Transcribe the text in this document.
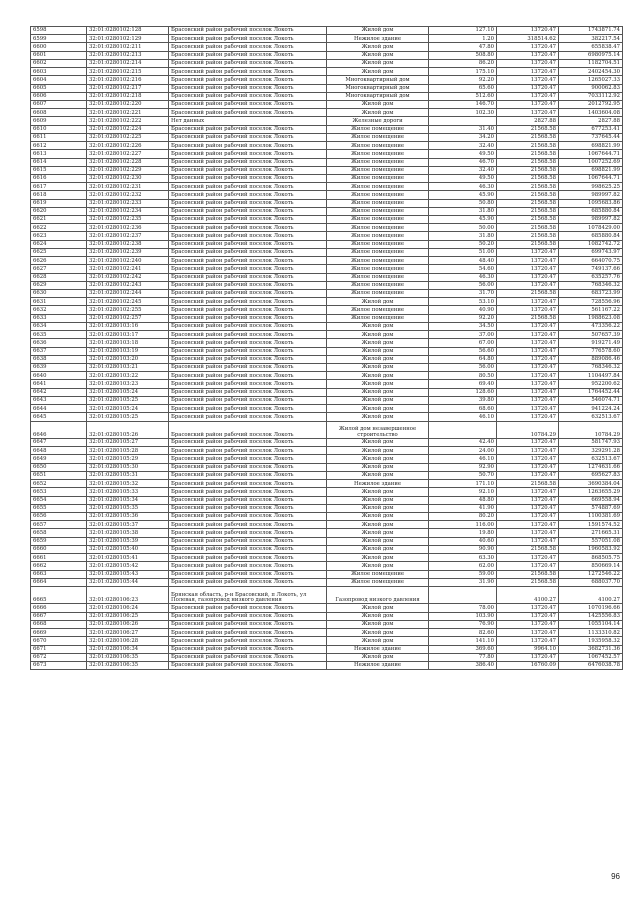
6598	32:01:0280102:128	Брасовский район рабочий поселок Локоть	Жилой дом	127.10	13720.47	1743871.74
6599	32:01:0280102:129	Брасовский район рабочий поселок Локоть	Нежилое здание	1.20	318514.62	382217.54
6600	32:01:0280102:211	Брасовский район рабочий поселок Локоть	Жилой дом	47.80	13720.47	655838.47
6601	32:01:0280102:213	Брасовский район рабочий поселок Локоть	Жилой дом	508.80	13720.47	6980975.14
6602	32:01:0280102:214	Брасовский район рабочий поселок Локоть	Жилой дом	86.20	13720.47	1182704.51
6603	32:01:0280102:215	Брасовский район рабочий поселок Локоть	Жилой дом	175.10	13720.47	2402454.30
6604	32:01:0280102:216	Брасовский район рабочий поселок Локоть	Многоквартирный дом	92.20	13720.47	1265027.33
6605	32:01:0280102:217	Брасовский район рабочий поселок Локоть	Многоквартирный дом	65.60	13720.47	900062.83
6606	32:01:0280102:218	Брасовский район рабочий поселок Локоть	Многоквартирный дом	512.60	13720.47	7033112.92
6607	32:01:0280102:220	Брасовский район рабочий поселок Локоть	Жилой дом	146.70	13720.47	2012792.95
6608	32:01:0280102:221	Брасовский район рабочий поселок Локоть	Жилой дом	102.30	13720.47	1403604.08
6609	32:01:0280102:222	Нет данных	Железные дороги		2827.88	2827.88
6610	32:01:0280102:224	Брасовский район рабочий поселок Локоть	Жилое помещение	31.40	21568.58	677253.41
6611	32:01:0280102:225	Брасовский район рабочий поселок Локоть	Жилое помещение	34.20	21568.58	737645.44
6612	32:01:0280102:226	Брасовский район рабочий поселок Локоть	Жилое помещение	32.40	21568.58	698821.99
6613	32:01:0280102:227	Брасовский район рабочий поселок Локоть	Жилое помещение	49.50	21568.58	1067644.71
6614	32:01:0280102:228	Брасовский район рабочий поселок Локоть	Жилое помещение	46.70	21568.58	1007252.69
6615	32:01:0280102:229	Брасовский район рабочий поселок Локоть	Жилое помещение	32.40	21568.58	698821.99
6616	32:01:0280102:230	Брасовский район рабочий поселок Локоть	Жилое помещение	49.50	21568.58	1067644.71
6617	32:01:0280102:231	Брасовский район рабочий поселок Локоть	Жилое помещение	46.30	21568.58	998625.25
6618	32:01:0280102:232	Брасовский район рабочий поселок Локоть	Жилое помещение	45.90	21568.58	989997.82
6619	32:01:0280102:233	Брасовский район рабочий поселок Локоть	Жилое помещение	50.80	21568.58	1095683.86
6620	32:01:0280102:234	Брасовский район рабочий поселок Локоть	Жилое помещение	31.80	21568.58	685880.84
6621	32:01:0280102:235	Брасовский район рабочий поселок Локоть	Жилое помещение	45.90	21568.58	989997.82
6622	32:01:0280102:236	Брасовский район рабочий поселок Локоть	Жилое помещение	50.00	21568.58	1078429.00
6623	32:01:0280102:237	Брасовский район рабочий поселок Локоть	Жилое помещение	31.80	21568.58	685880.84
6624	32:01:0280102:238	Брасовский район рабочий поселок Локоть	Жилое помещение	50.20	21568.58	1082742.72
6625	32:01:0280102:239	Брасовский район рабочий поселок Локоть	Жилое помещение	51.00	13720.47	699743.97
6626	32:01:0280102:240	Брасовский район рабочий поселок Локоть	Жилое помещение	48.40	13720.47	664070.75
6627	32:01:0280102:241	Брасовский район рабочий поселок Локоть	Жилое помещение	54.60	13720.47	749137.66
6628	32:01:0280102:242	Брасовский район рабочий поселок Локоть	Жилое помещение	46.30	13720.47	635257.76
6629	32:01:0280102:243	Брасовский район рабочий поселок Локоть	Жилое помещение	56.00	13720.47	768346.32
6630	32:01:0280102:244	Брасовский район рабочий поселок Локоть	Жилое помещение	31.70	21568.58	683723.99
6631	32:01:0280102:245	Брасовский район рабочий поселок Локоть	Жилой дом	53.10	13720.47	728556.96
6632	32:01:0280102:255	Брасовский район рабочий поселок Локоть	Жилое помещение	40.90	13720.47	561167.22
6633	32:01:0280102:257	Брасовский район рабочий поселок Локоть	Жилое помещение	92.20	21568.58	1988623.08
6634	32:01:0280103:16	Брасовский район рабочий поселок Локоть	Жилой дом	34.50	13720.47	473356.22
6635	32:01:0280103:17	Брасовский район рабочий поселок Локоть	Жилой дом	37.00	13720.47	507657.39
6636	32:01:0280103:18	Брасовский район рабочий поселок Локоть	Жилой дом	67.00	13720.47	919271.49
6637	32:01:0280103:19	Брасовский район рабочий поселок Локоть	Жилой дом	56.60	13720.47	776578.60
6638	32:01:0280103:20	Брасовский район рабочий поселок Локоть	Жилой дом	64.80	13720.47	889086.46
6639	32:01:0280103:21	Брасовский район рабочий поселок Локоть	Жилой дом	56.00	13720.47	768346.32
6640	32:01:0280103:22	Брасовский район рабочий поселок Локоть	Жилой дом	80.50	13720.47	1104497.84
6641	32:01:0280103:23	Брасовский район рабочий поселок Локоть	Жилой дом	69.40	13720.47	952200.62
6642	32:01:0280105:24	Брасовский район рабочий поселок Локоть	Жилой дом	128.60	13720.47	1764452.44
6643	32:01:0280105:25	Брасовский район рабочий поселок Локоть	Жилой дом	39.80	13720.47	546074.71
6644	32:01:0280105:24	Брасовский район рабочий поселок Локоть	Жилой дом	68.60	13720.47	941224.24
6645	32:01:0280105:25	Брасовский район рабочий поселок Локоть	Жилой дом	46.10	13720.47	632513.67
6646	32:01:0280105:26	Брасовский район рабочий поселок Локоть	Жилой дом незавершенное строительство		10784.29	10784.29
6647	32:01:0280105:27	Брасовский район рабочий поселок Локоть	Жилой дом	42.40	13720.47	581747.93
6648	32:01:0280105:28	Брасовский район рабочий поселок Локоть	Жилой дом	24.00	13720.47	329291.28
6649	32:01:0280105:29	Брасовский район рабочий поселок Локоть	Жилой дом	46.10	13720.47	632513.67
6650	32:01:0280105:30	Брасовский район рабочий поселок Локоть	Жилой дом	92.90	13720.47	1274631.66
6651	32:01:0280105:31	Брасовский район рабочий поселок Локоть	Жилой дом	50.70	13720.47	695627.83
6652	32:01:0280105:32	Брасовский район рабочий поселок Локоть	Нежилое здание	171.10	21568.58	3690384.04
6653	32:01:0280105:33	Брасовский район рабочий поселок Локоть	Жилой дом	92.10	13720.47	1263655.29
6654	32:01:0280105:34	Брасовский район рабочий поселок Локоть	Жилой дом	48.80	13720.47	669558.94
6655	32:01:0280105:35	Брасовский район рабочий поселок Локоть	Жилой дом	41.90	13720.47	574887.69
6656	32:01:0280105:36	Брасовский район рабочий поселок Локоть	Жилой дом	80.20	13720.47	1100381.69
6657	32:01:0280105:37	Брасовский район рабочий поселок Локоть	Жилой дом	116.00	13720.47	1591574.52
6658	32:01:0280105:38	Брасовский район рабочий поселок Локоть	Жилой дом	19.80	13720.47	271665.31
6659	32:01:0280105:39	Брасовский район рабочий поселок Локоть	Жилой дом	40.60	13720.47	557051.08
6660	32:01:0280105:40	Брасовский район рабочий поселок Локоть	Жилой дом	90.90	21568.58	1960583.92
6661	32:01:0280105:41	Брасовский район рабочий поселок Локоть	Жилой дом	63.30	13720.47	868505.75
6662	32:01:0280105:42	Брасовский район рабочий поселок Локоть	Жилой дом	62.00	13720.47	850669.14
6663	32:01:0280105:43	Брасовский район рабочий поселок Локоть	Жилое помещение	59.00	21568.58	1272546.22
6664	32:01:0280105:44	Брасовский район рабочий поселок Локоть	Жилое помещение	31.90	21568.58	688037.70
6665	32:01:0280106:23	Брянская область, р-н Брасовский, п Локоть, ул Полевая, газопровод низкого давления	Газопровод низкого давления		4100.27	4100.27
6666	32:01:0280106:24	Брасовский район рабочий поселок Локоть	Жилой дом	78.00	13720.47	1070196.66
6667	32:01:0280106:25	Брасовский район рабочий поселок Локоть	Жилой дом	103.90	13720.47	1425556.83
6668	32:01:0280106:26	Брасовский район рабочий поселок Локоть	Жилой дом	76.90	13720.47	1055104.14
6669	32:01:0280106:27	Брасовский район рабочий поселок Локоть	Жилой дом	82.60	13720.47	1133310.82
6670	32:01:0280106:28	Брасовский район рабочий поселок Локоть	Жилой дом	141.10	13720.47	1935958.32
6671	32:01:0280106:34	Брасовский район рабочий поселок Локоть	Нежилое здание	369.60	9964.10	3682731.36
6672	32:01:0280106:35	Брасовский район рабочий поселок Локоть	Жилой дом	77.80	13720.47	1067452.57
6673	32:01:0280106:35	Брасовский район рабочий поселок Локоть	Нежилое здание	386.40	16760.09	6476038.78
96
